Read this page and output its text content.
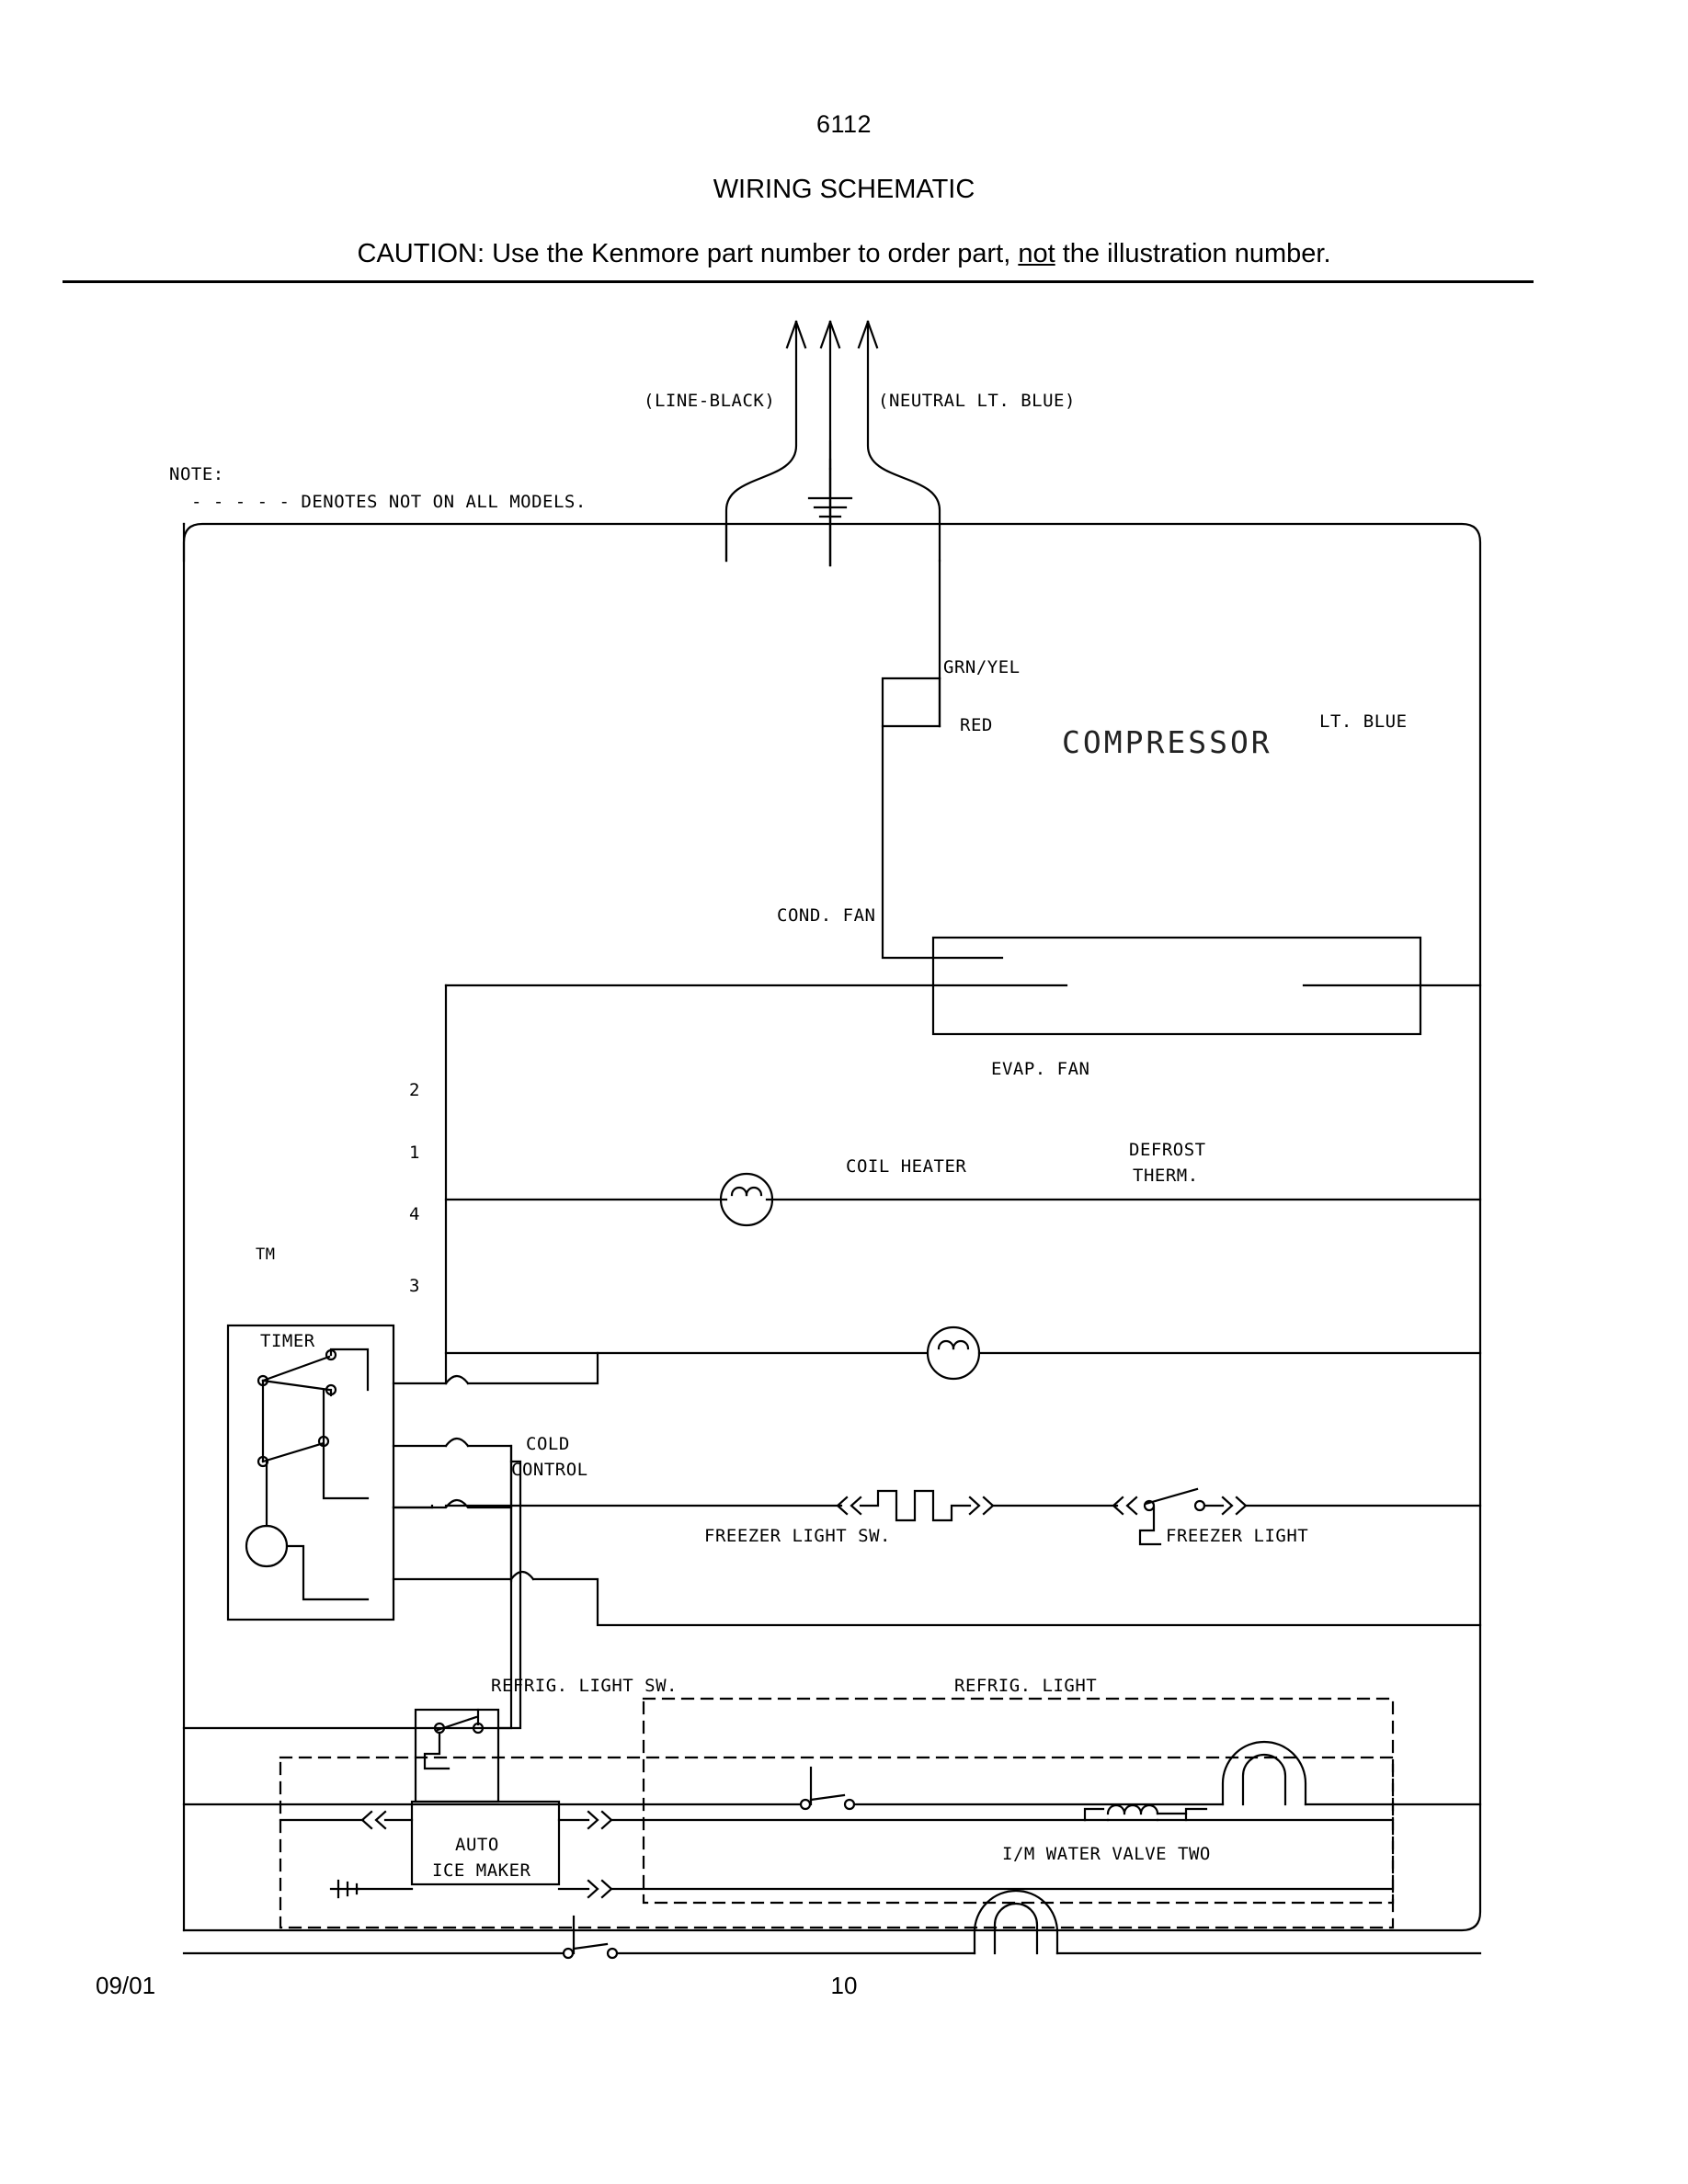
6112
WIRING SCHEMATIC
CAUTION: Use the Kenmore part number to order part, not the illustration number.
(LINE-BLACK)	(NEUTRAL LT. BLUE)
NOTE:
- - - - - DENOTES NOT ON ALL MODELS.
GRN/YEL
RED	LT. BLUE
COMPRESSOR
COND. FAN
EVAP. FAN
COIL HEATER
DEFROST
THERM.
2
1
4
3
TIMER
TM
COLD
CONTROL
FREEZER LIGHT SW.	FREEZER LIGHT
REFRIG. LIGHT SW.	REFRIG. LIGHT
AUTO
ICE MAKER
I/M WATER VALVE TWO
09/01	10
